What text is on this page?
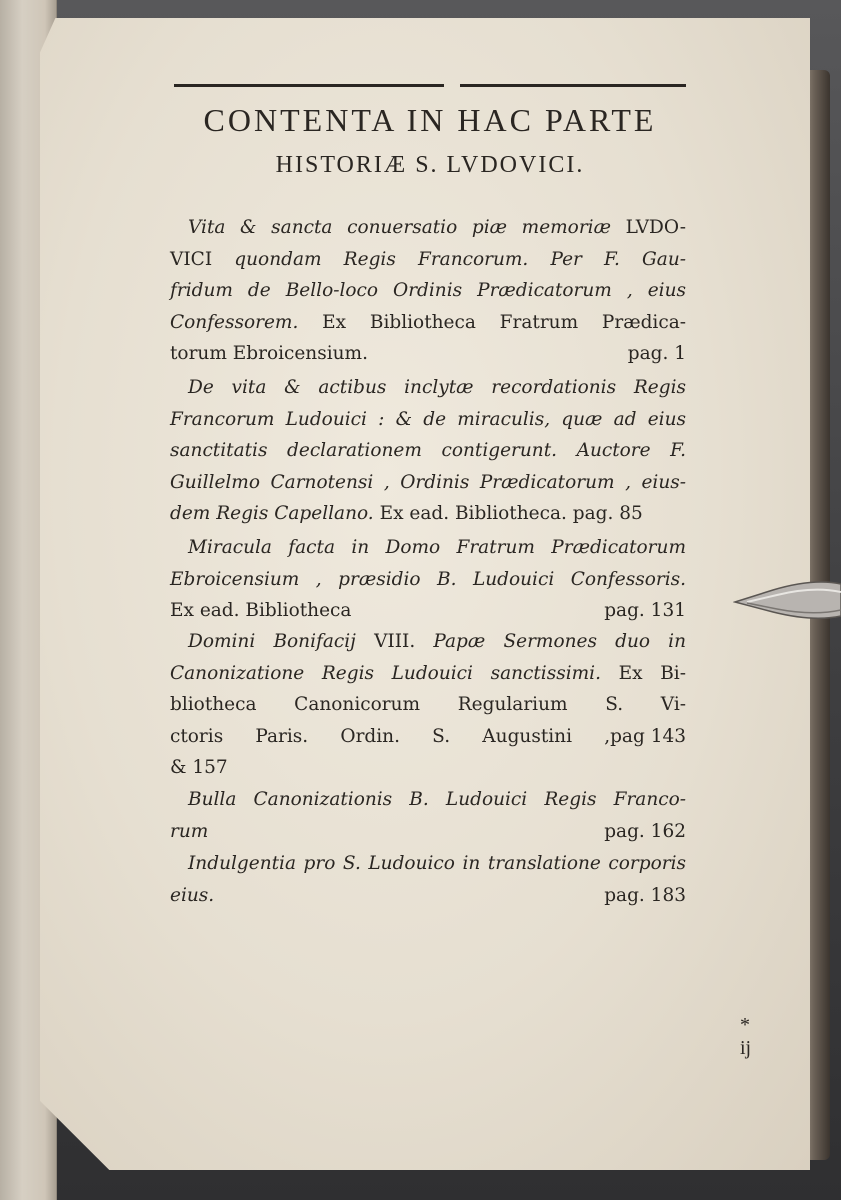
CONTENTA IN HAC PARTE
HISTORIÆ S. LVDOVICI.
Vita & sancta conuersatio piæ memoriæ LVDO-
VICI quondam Regis Francorum. Per F. Gau-
fridum de Bello-loco Ordinis Prædicatorum , eius
Confessorem. Ex Bibliotheca Fratrum Prædica-
torum Ebroicensium.	pag. 1
De vita & actibus inclytæ recordationis Regis
Francorum Ludouici : & de miraculis, quæ ad eius
sanctitatis declarationem contigerunt. Auctore F.
Guillelmo Carnotensi , Ordinis Prædicatorum , eius-
dem Regis Capellano. Ex ead. Bibliotheca. pag. 85
Miracula facta in Domo Fratrum Prædicatorum
Ebroicensium , præsidio B. Ludouici Confessoris.
Ex ead. Bibliotheca	pag. 131
Domini Bonifacij VIII. Papæ Sermones duo in
Canonizatione Regis Ludouici sanctissimi. Ex Bi-
bliotheca Canonicorum Regularium S. Vi-
ctoris Paris. Ordin. S. Augustini , pag 143
& 157
Bulla Canonizationis B. Ludouici Regis Franco-
rum	pag. 162
Indulgentia pro S. Ludouico in translatione corporis
eius.	pag. 183
* ij
